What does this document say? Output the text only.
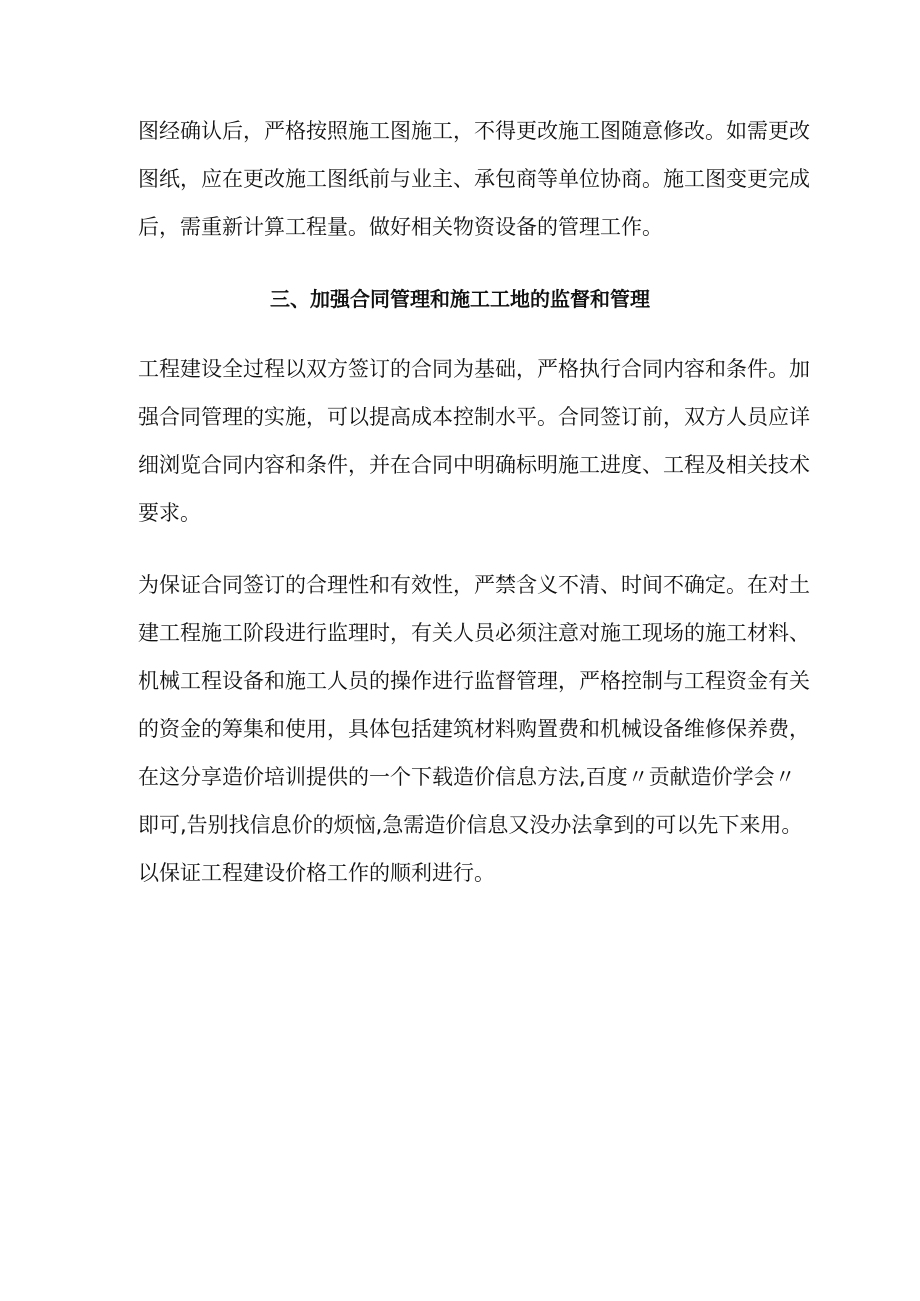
图经确认后，严格按照施工图施工，不得更改施工图随意修改。如需更改

图纸，应在更改施工图纸前与业主、承包商等单位协商。施工图变更完成

后，需重新计算工程量。做好相关物资设备的管理工作。

三、加强合同管理和施工工地的监督和管理

工程建设全过程以双方签订的合同为基础，严格执行合同内容和条件。加

强合同管理的实施，可以提高成本控制水平。合同签订前，双方人员应详

细浏览合同内容和条件，并在合同中明确标明施工进度、工程及相关技术

要求。

为保证合同签订的合理性和有效性，严禁含义不清、时间不确定。在对土

建工程施工阶段进行监理时，有关人员必须注意对施工现场的施工材料、

机械工程设备和施工人员的操作进行监督管理，严格控制与工程资金有关

的资金的筹集和使用，具体包括建筑材料购置费和机械设备维修保养费，

在这分享造价培训提供的一个下载造价信息方法,百度〃贡献造价学会〃

即可,告别找信息价的烦恼,急需造价信息又没办法拿到的可以先下来用。

以保证工程建设价格工作的顺利进行。
